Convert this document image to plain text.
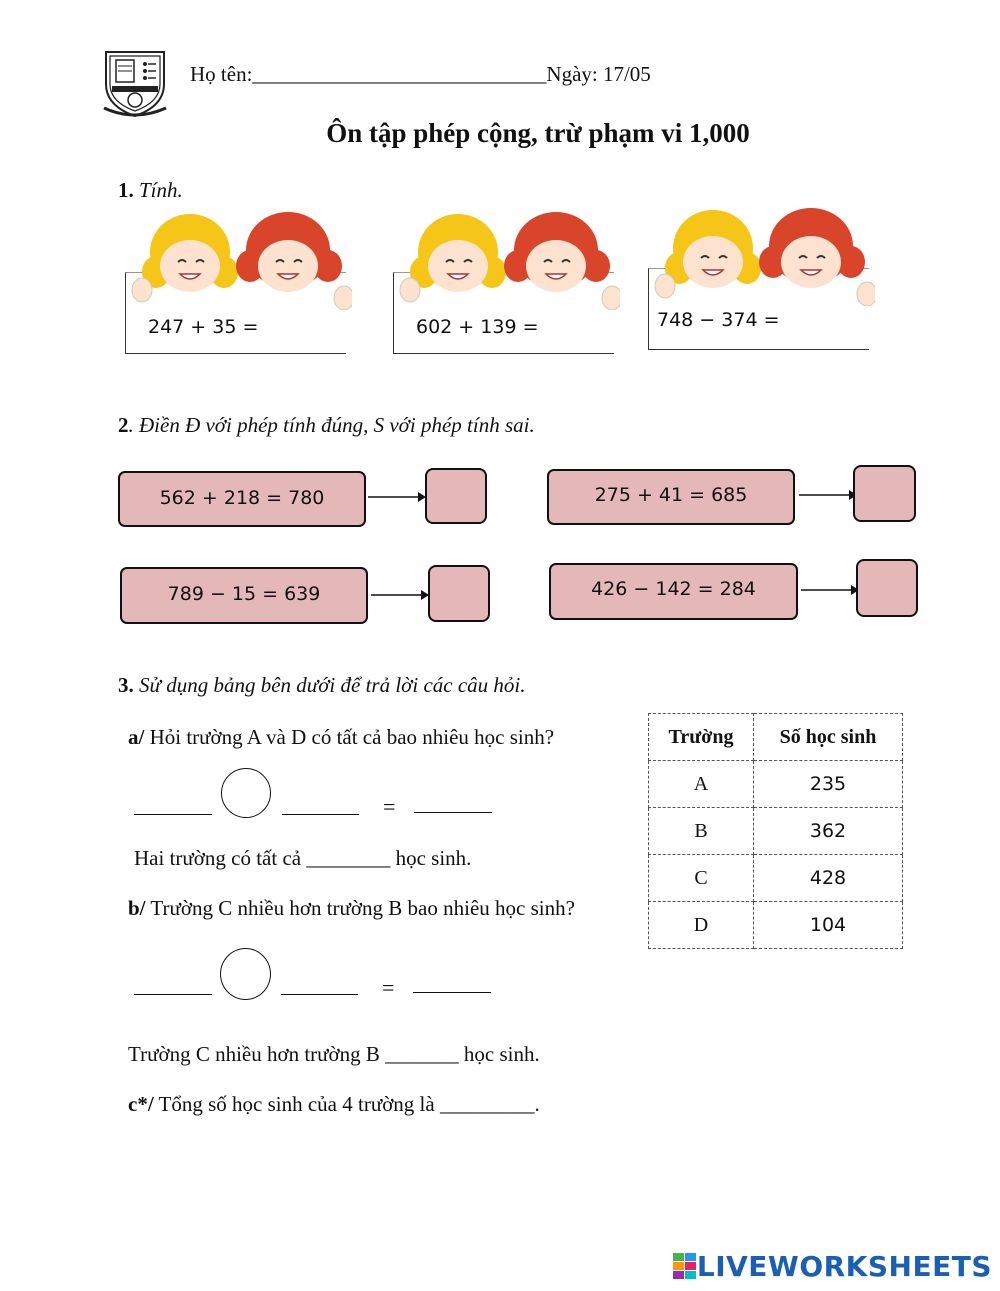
Họ tên:____________________________Ngày: 17/05
Ôn tập phép cộng, trừ phạm vi 1,000
1. Tính.
247 + 35 =	602 + 139 =	748 − 374 =
2. Điền Đ với phép tính đúng, S với phép tính sai.
562 + 218 = 780	275 + 41 = 685
789 − 15 = 639	426 − 142 = 284
3. Sử dụng bảng bên dưới để trả lời các câu hỏi.
a/ Hỏi trường A và D có tất cả bao nhiêu học sinh?
=
Hai trường có tất cả ________ học sinh.
b/ Trường C nhiều hơn trường B bao nhiêu học sinh?
=
Trường C nhiều hơn trường B _______ học sinh.
c*/ Tổng số học sinh của 4 trường là _________.
Trường	Số học sinh
A	235
B	362
C	428
D	104
LIVEWORKSHEETS
